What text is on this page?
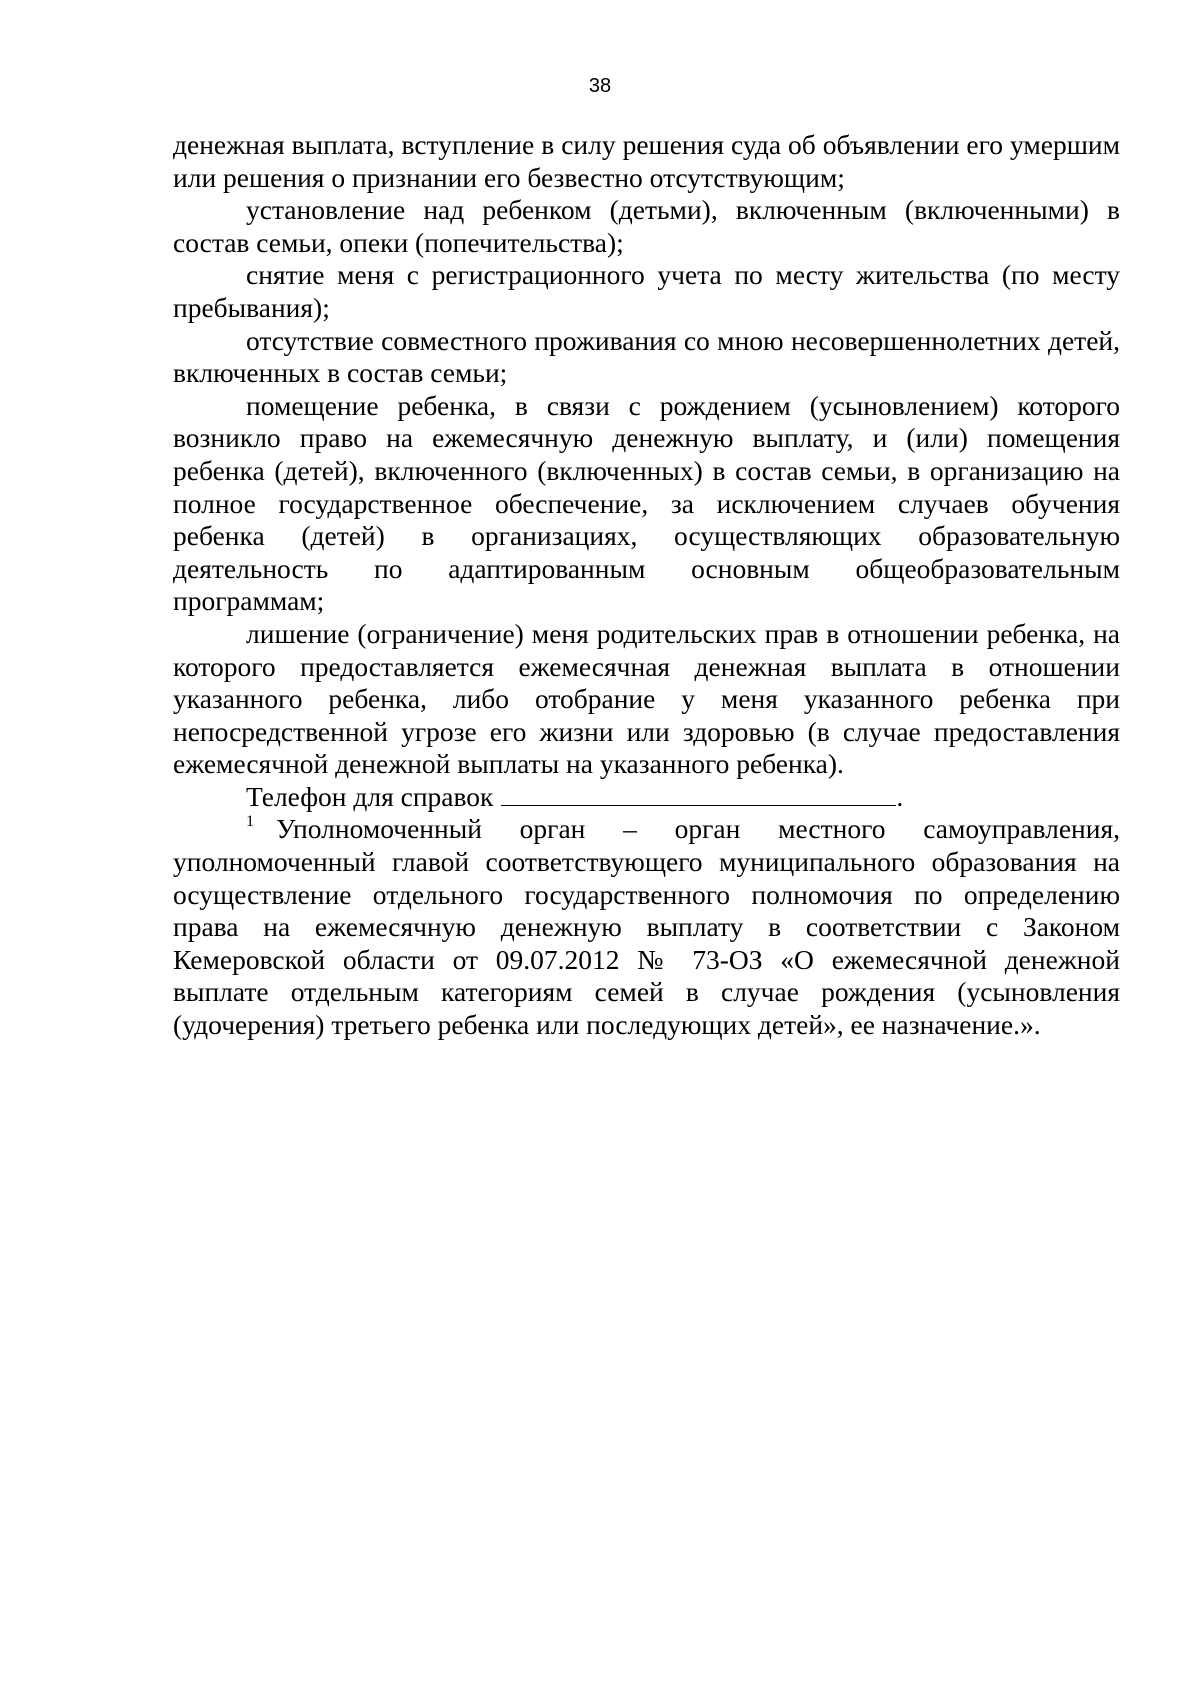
38

денежная выплата, вступление в силу решения суда об объявлении его умершим или решения о признании его безвестно отсутствующим;

установление над ребенком (детьми), включенным (включенными) в состав семьи, опеки (попечительства);

снятие меня с регистрационного учета по месту жительства (по месту пребывания);

отсутствие совместного проживания со мною несовершеннолетних детей, включенных в состав семьи;

помещение ребенка, в связи с рождением (усыновлением) которого возникло право на ежемесячную денежную выплату, и (или) помещения ребенка (детей), включенного (включенных) в состав семьи, в организацию на полное государственное обеспечение, за исключением случаев обучения ребенка (детей) в организациях, осуществляющих образовательную деятельность по адаптированным основным общеобразовательным программам;

лишение (ограничение) меня родительских прав в отношении ребенка, на которого предоставляется ежемесячная денежная выплата в отношении указанного ребенка, либо отобрание у меня указанного ребенка при непосредственной угрозе его жизни или здоровью (в случае предоставления ежемесячной денежной выплаты на указанного ребенка).

Телефон для справок	.

$^1$ Уполномоченный орган – орган местного самоуправления, уполномоченный главой соответствующего муниципального образования на осуществление отдельного государственного полномочия по определению права на ежемесячную денежную выплату в соответствии с Законом Кемеровской области от 09.07.2012 № 73-ОЗ «О ежемесячной денежной выплате отдельным категориям семей в случае рождения (усыновления (удочерения) третьего ребенка или последующих детей», ее назначение.».
